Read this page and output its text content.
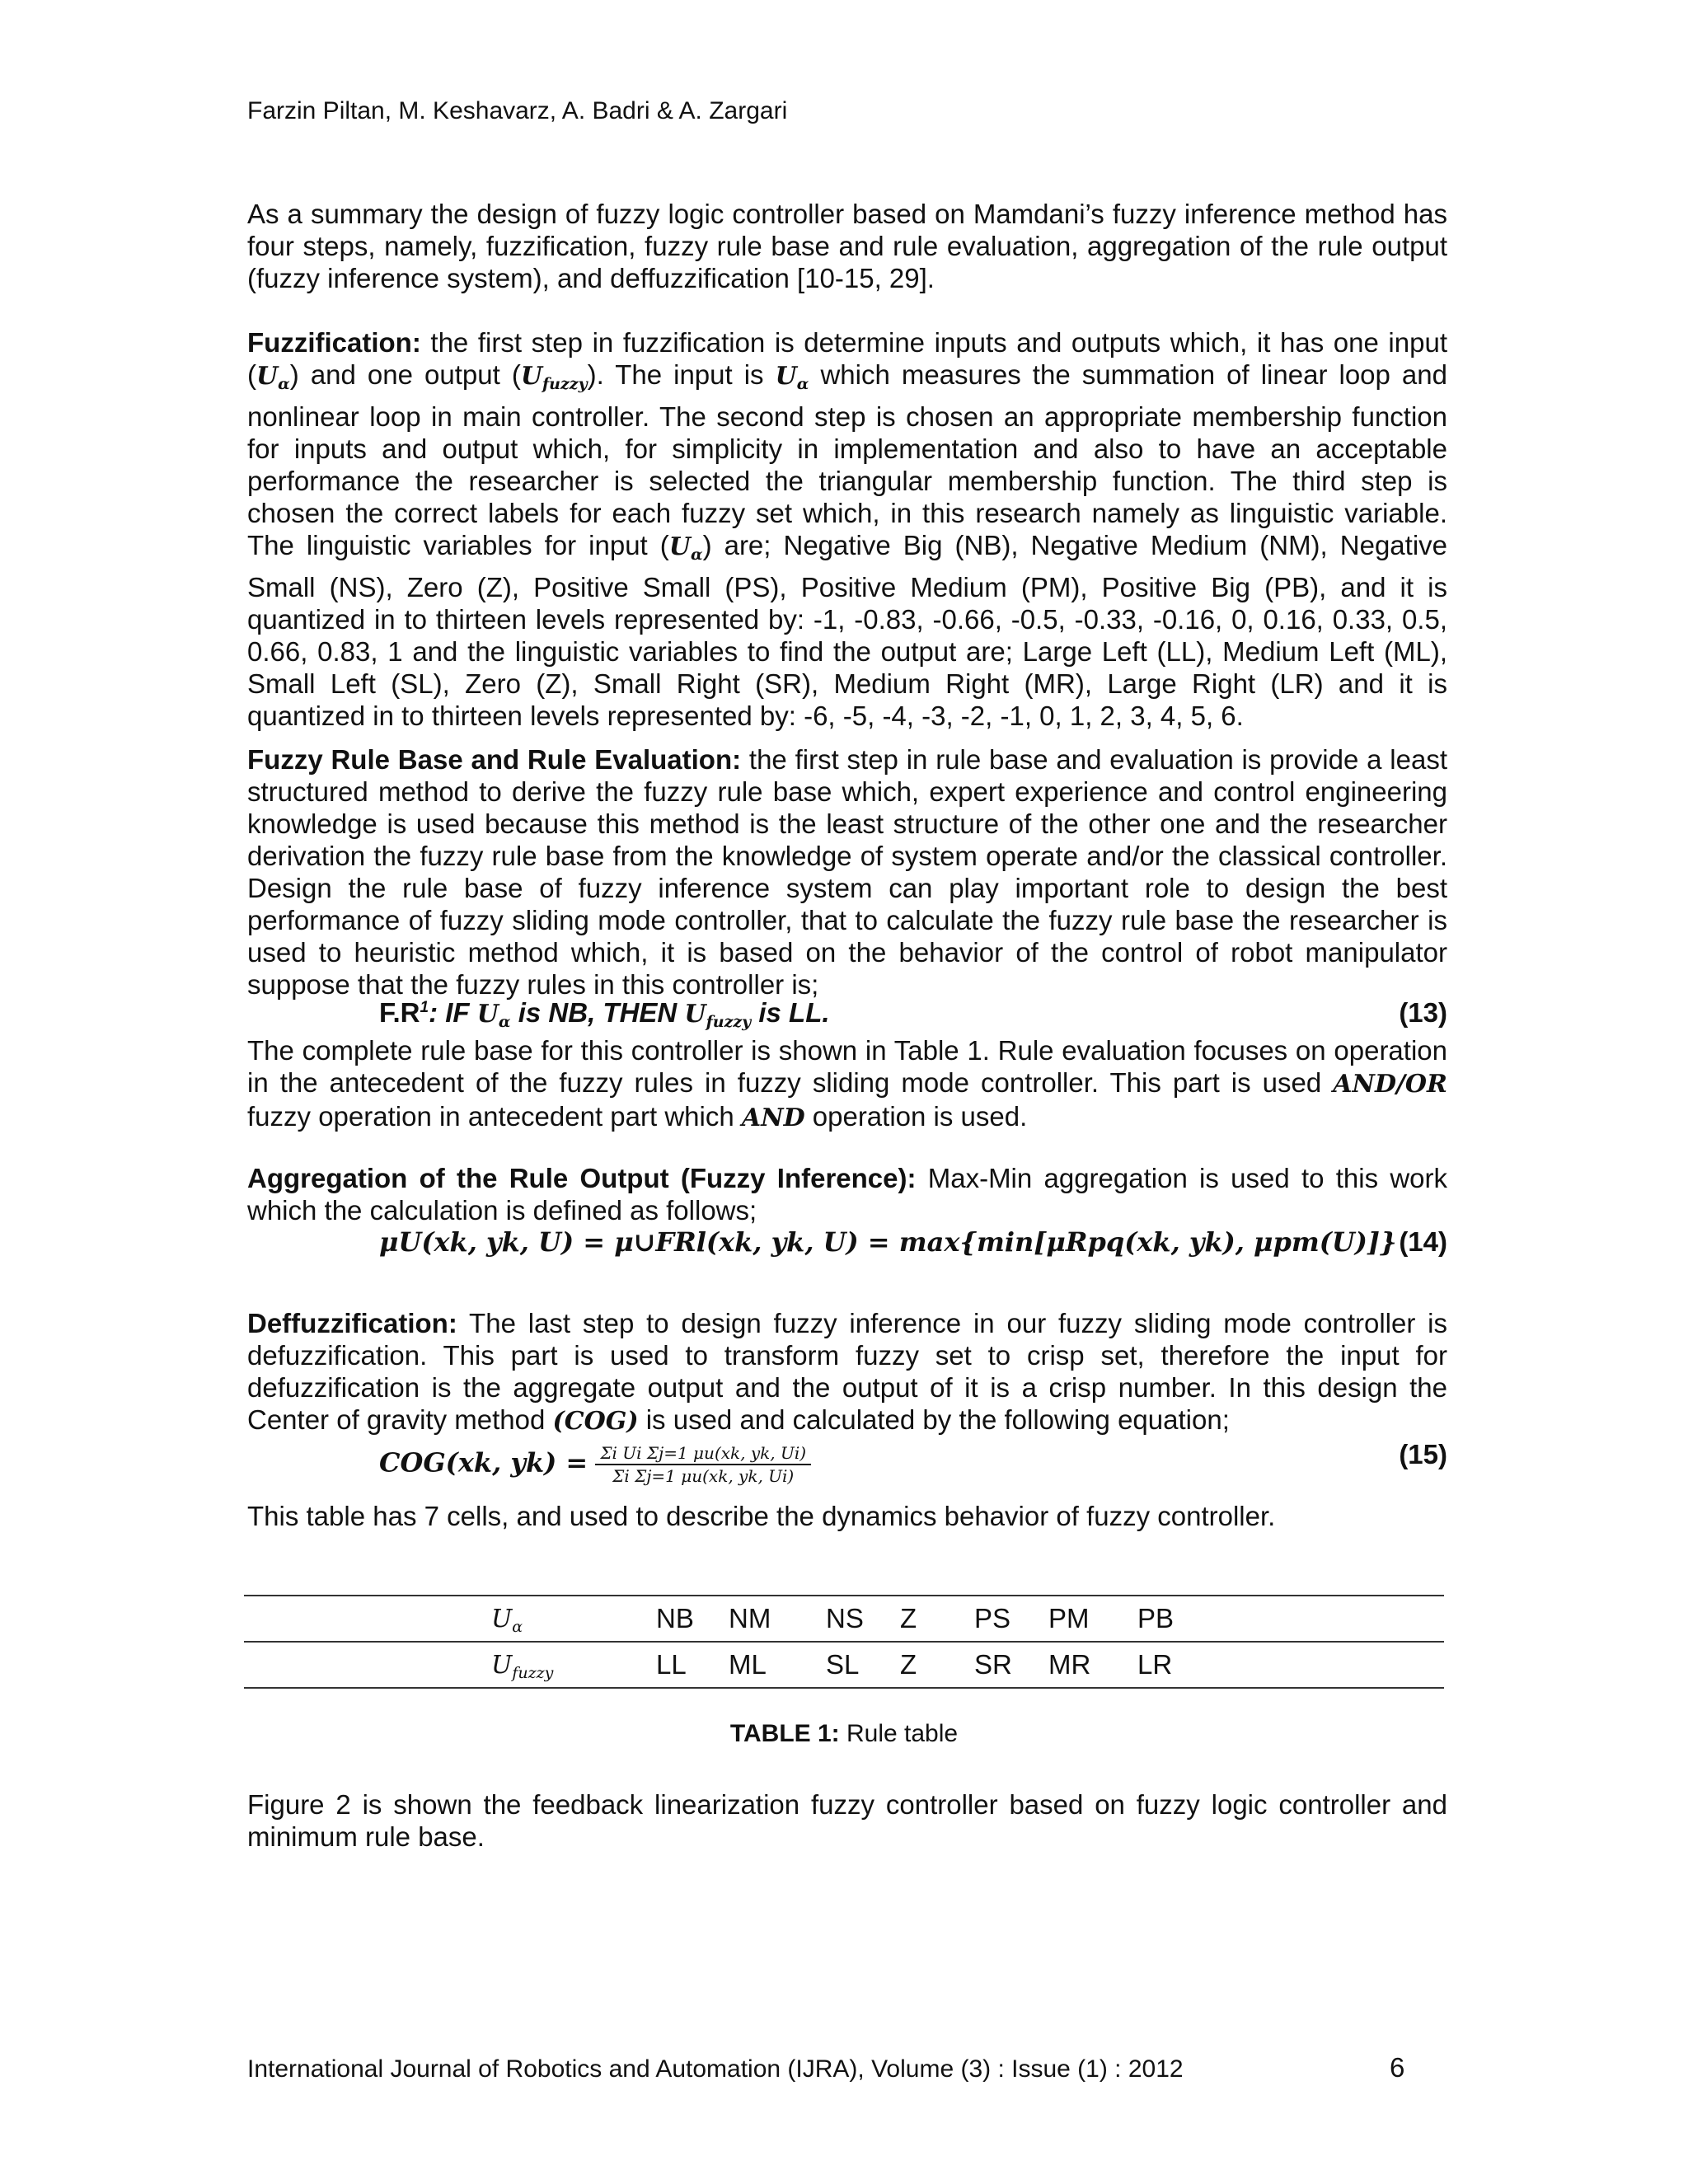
Farzin Piltan, M. Keshavarz, A. Badri & A. Zargari

As a summary the design of fuzzy logic controller based on Mamdani’s fuzzy inference method has four steps, namely, fuzzification, fuzzy rule base and rule evaluation, aggregation of the rule output (fuzzy inference system), and deffuzzification [10-15, 29].

Fuzzification: the first step in fuzzification is determine inputs and outputs which, it has one input $(U_\alpha)$ and one output $(U_{fuzzy})$. The input is $U_\alpha$ which measures the summation of linear loop and nonlinear loop in main controller. The second step is chosen an appropriate membership function for inputs and output which, for simplicity in implementation and also to have an acceptable performance the researcher is selected the triangular membership function. The third step is chosen the correct labels for each fuzzy set which, in this research namely as linguistic variable. The linguistic variables for input $(U_\alpha)$ are; Negative Big (NB), Negative Medium (NM), Negative Small (NS), Zero (Z), Positive Small (PS), Positive Medium (PM), Positive Big (PB), and it is quantized in to thirteen levels represented by: -1, -0.83, -0.66, -0.5, -0.33, -0.16, 0, 0.16, 0.33, 0.5, 0.66, 0.83, 1 and the linguistic variables to find the output are; Large Left (LL), Medium Left (ML), Small Left (SL), Zero (Z), Small Right (SR), Medium Right (MR), Large Right (LR) and it is quantized in to thirteen levels represented by: -6, -5, -4, -3, -2, -1, 0, 1, 2, 3, 4, 5, 6.

Fuzzy Rule Base and Rule Evaluation: the first step in rule base and evaluation is provide a least structured method to derive the fuzzy rule base which, expert experience and control engineering knowledge is used because this method is the least structure of the other one and the researcher derivation the fuzzy rule base from the knowledge of system operate and/or the classical controller. Design the rule base of fuzzy inference system can play important role to design the best performance of fuzzy sliding mode controller, that to calculate the fuzzy rule base the researcher is used to heuristic method which, it is based on the behavior of the control of robot manipulator suppose that the fuzzy rules in this controller is;

$F.R^1$: IF $U_\alpha$ is NB, THEN $U_{fuzzy}$ is LL.	(13)

The complete rule base for this controller is shown in Table 1. Rule evaluation focuses on operation in the antecedent of the fuzzy rules in fuzzy sliding mode controller. This part is used AND/OR fuzzy operation in antecedent part which AND operation is used.

Aggregation of the Rule Output (Fuzzy Inference): Max-Min aggregation is used to this work which the calculation is defined as follows;

μU(xk, yk, U) = μ∪FRl(xk, yk, U) = max{min[μRpq(xk, yk), μpm(U)]} (14)

Deffuzzification: The last step to design fuzzy inference in our fuzzy sliding mode controller is defuzzification. This part is used to transform fuzzy set to crisp set, therefore the input for defuzzification is the aggregate output and the output of it is a crisp number. In this design the Center of gravity method (COG) is used and calculated by the following equation;

COG(xk, $yk) = \frac{\text{Σi Ui Σj=1 μu(xk, yk, Ui)}}{\text{Σi Σj=1 μu(xk, yk, Ui)}}$	(15)

This table has 7 cells, and used to describe the dynamics behavior of fuzzy controller.

	$U_\alpha$	NB	NM	NS	Z	PS	PM	PB
	$U_{fuzzy}$	LL	ML	SL	Z	SR	MR	LR
TABLE 1: Rule table

Figure 2 is shown the feedback linearization fuzzy controller based on fuzzy logic controller and minimum rule base.

International Journal of Robotics and Automation (IJRA), Volume (3) : Issue (1) : 2012	6
